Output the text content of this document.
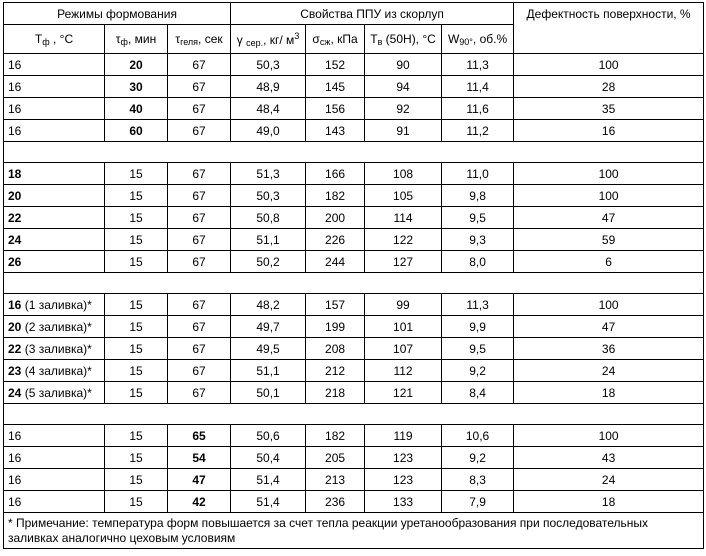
Режимы формования			Свойства ППУ из скорлуп				Дефектность поверхности, %
$T_ф$ , °С	$\tau_ф$, мин	$\tau_{геля}$, сек	γ $_{сер.}$, кг/ $м^3$	$\sigma_{сж}$, кПа	$T_в$ (50Н), °С	$W_{90^\circ}$, об.%	
16	20	67	50,3	152	90	11,3	100
16	30	67	48,9	145	94	11,4	28
16	40	67	48,4	156	92	11,6	35
16	60	67	49,0	143	91	11,2	16

18	15	67	51,3	166	108	11,0	100
20	15	67	50,3	182	105	9,8	100
22	15	67	50,8	200	114	9,5	47
24	15	67	51,1	226	122	9,3	59
26	15	67	50,2	244	127	8,0	6

16 (1 заливка)*	15	67	48,2	157	99	11,3	100
20 (2 заливка)*	15	67	49,7	199	101	9,9	47
22 (3 заливка)*	15	67	49,5	208	107	9,5	36
23 (4 заливка)*	15	67	51,1	212	112	9,2	24
24 (5 заливка)*	15	67	50,1	218	121	8,4	18

16	15	65	50,6	182	119	10,6	100
16	15	54	50,4	205	123	9,2	43
16	15	47	51,4	213	123	8,3	24
16	15	42	51,4	236	133	7,9	18
* Примечание: температура форм повышается за счет тепла реакции уретанообразования при последовательных заливках аналогично цеховым условиям							
